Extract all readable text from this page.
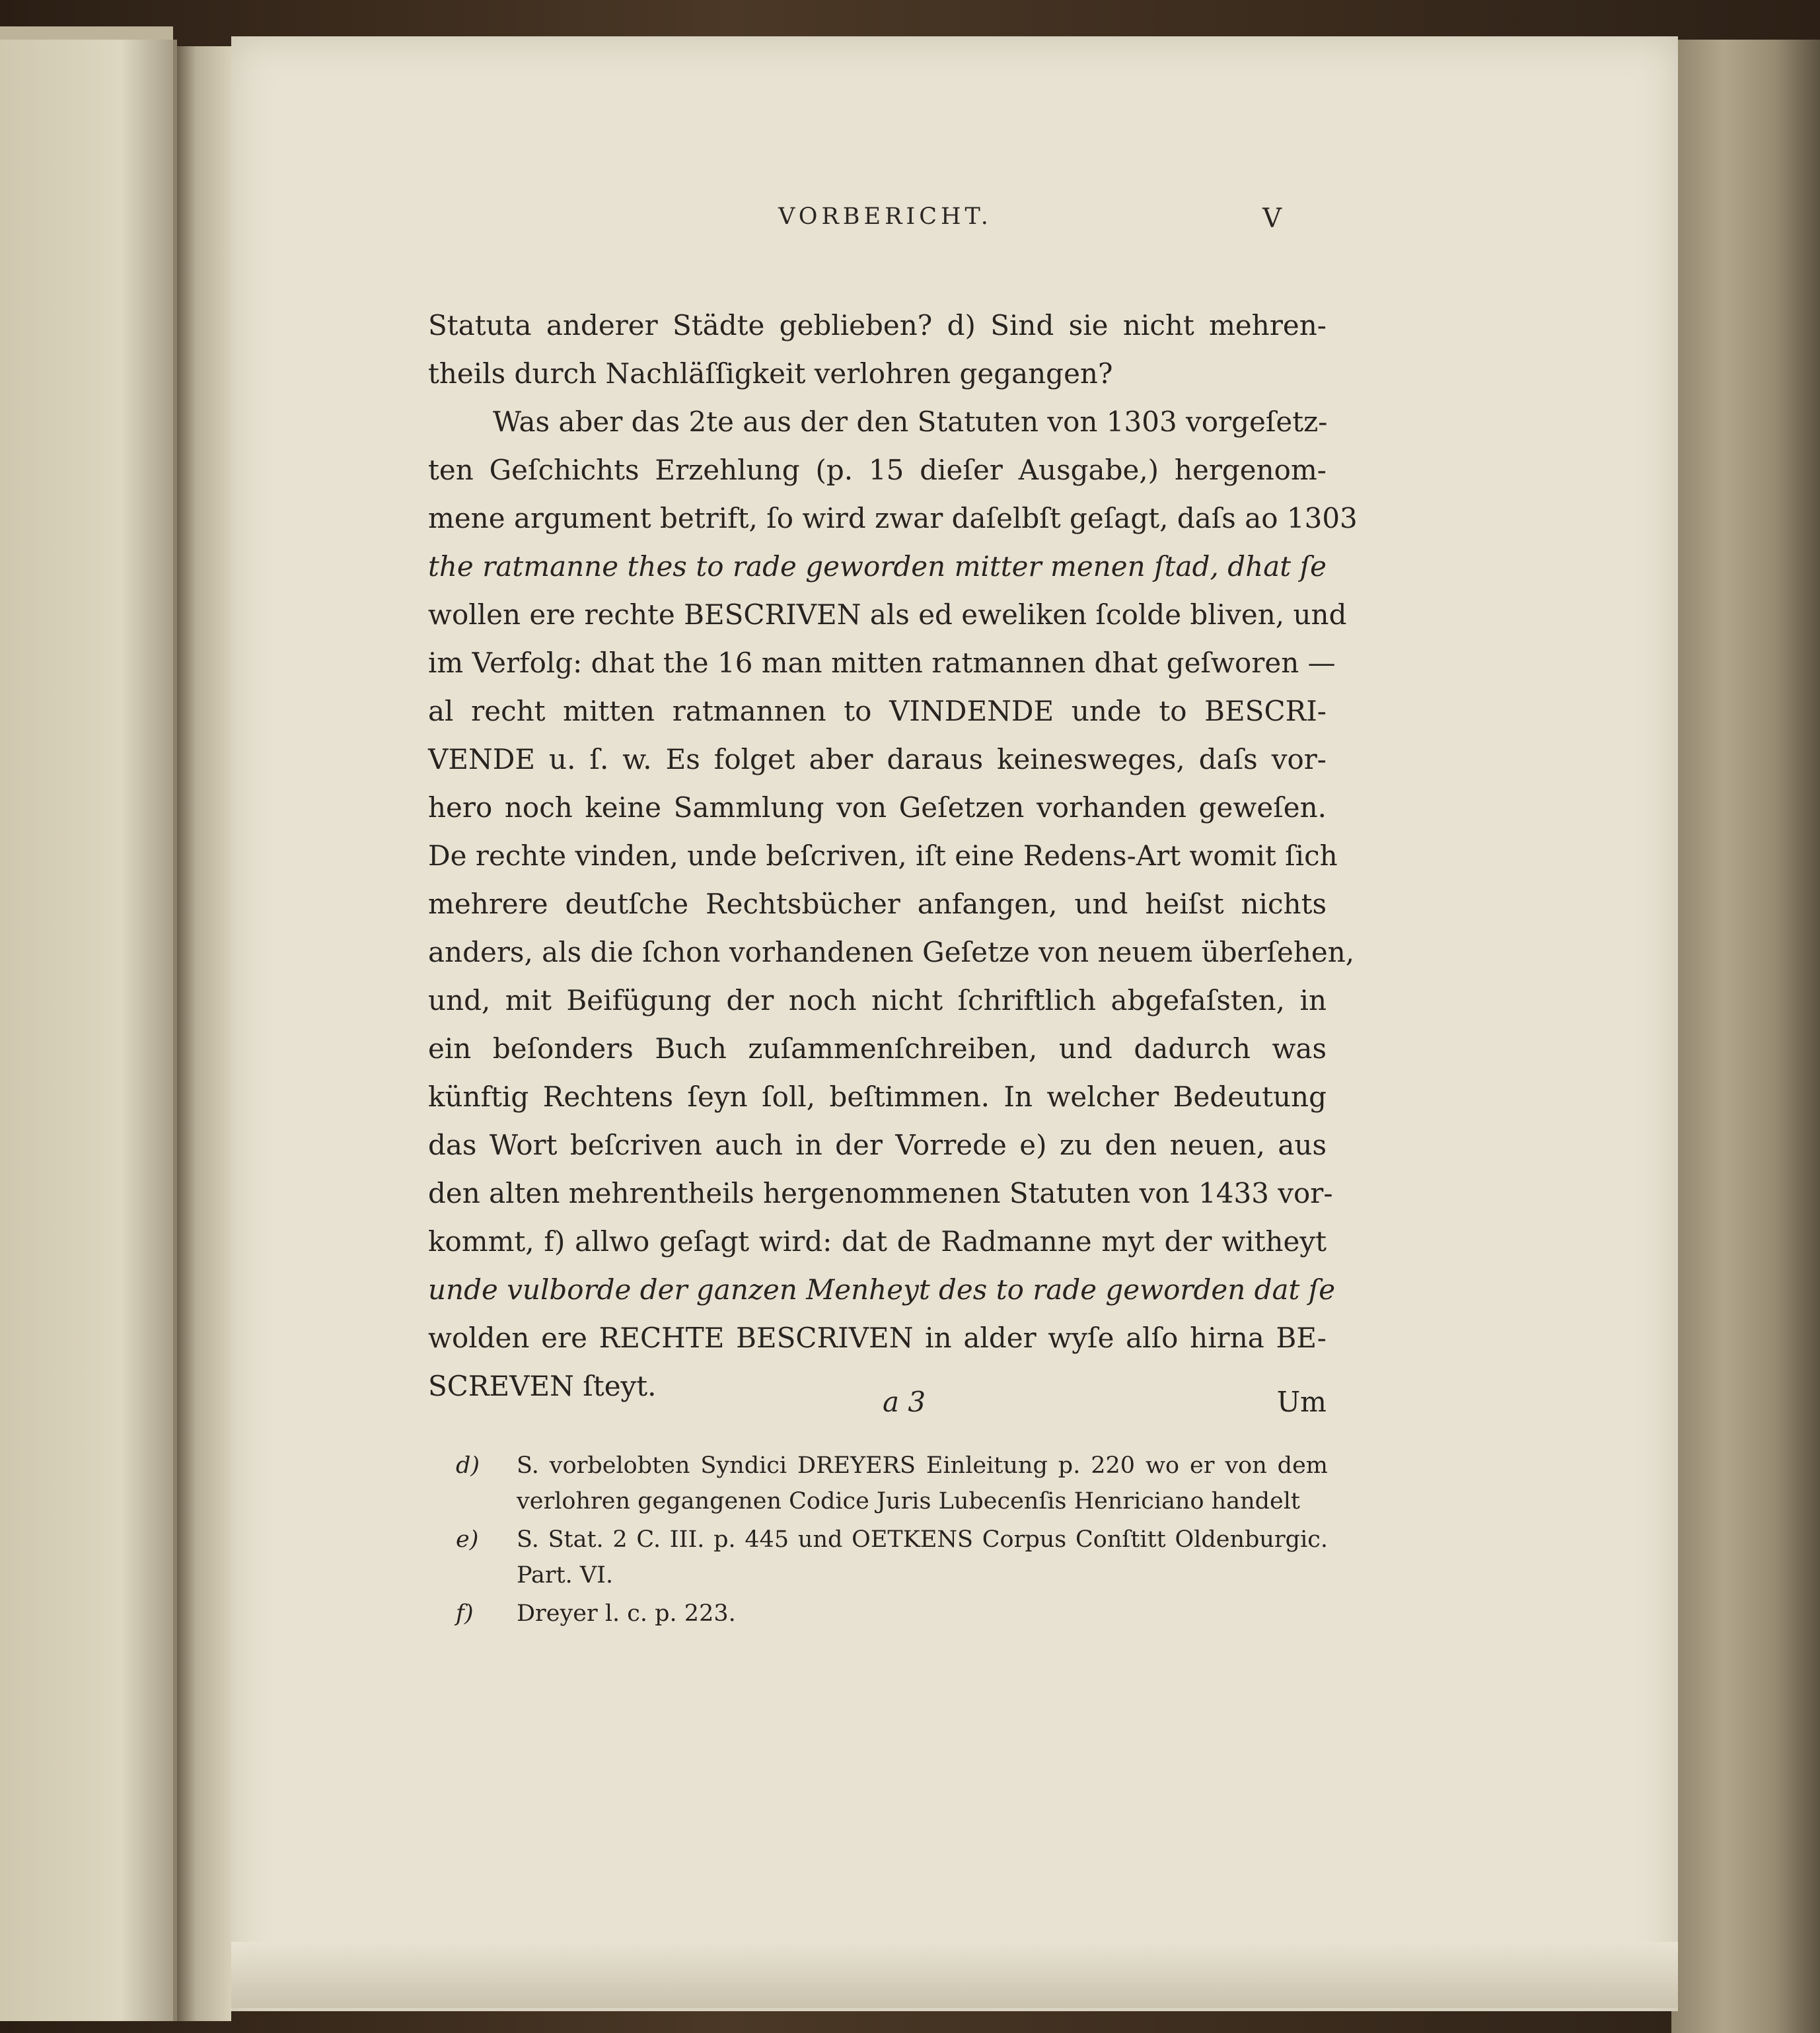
VORBERICHT.	V
Statuta anderer Städte geblieben? d) Sind sie nicht mehren-
theils durch Nachläſſigkeit verlohren gegangen?
Was aber das 2te aus der den Statuten von 1303 vorgeſetz-
ten Geſchichts Erzehlung (p. 15 dieſer Ausgabe,) hergenom-
mene argument betrift, ſo wird zwar daſelbſt geſagt, daſs ao 1303
the ratmanne thes to rade geworden mitter menen ſtad, dhat ſe
wollen ere rechte BESCRIVEN als ed eweliken ſcolde bliven, und
im Verfolg: dhat the 16 man mitten ratmannen dhat geſworen —
al recht mitten ratmannen to VINDENDE unde to BESCRI-
VENDE u. ſ. w. Es folget aber daraus keinesweges, daſs vor-
hero noch keine Sammlung von Geſetzen vorhanden geweſen.
De rechte vinden, unde beſcriven, iſt eine Redens-Art womit ſich
mehrere deutſche Rechtsbücher anfangen, und heiſst nichts
anders, als die ſchon vorhandenen Geſetze von neuem überſehen,
und, mit Beifügung der noch nicht ſchriftlich abgefaſsten, in
ein beſonders Buch zuſammenſchreiben, und dadurch was
künftig Rechtens ſeyn ſoll, beſtimmen. In welcher Bedeutung
das Wort beſcriven auch in der Vorrede e) zu den neuen, aus
den alten mehrentheils hergenommenen Statuten von 1433 vor-
kommt, f) allwo geſagt wird: dat de Radmanne myt der witheyt
unde vulborde der ganzen Menheyt des to rade geworden dat ſe
wolden ere RECHTE BESCRIVEN in alder wyſe alſo hirna BE-
SCREVEN ſteyt.	a 3	Um
d) S. vorbelobten Syndici DREYERS Einleitung p. 220 wo er von dem
verlohren gegangenen Codice Juris Lubecenſis Henriciano handelt
e) S. Stat. 2 C. III. p. 445 und OETKENS Corpus Conſtitt Oldenburgic.
Part. VI.
f) Dreyer l. c. p. 223.
